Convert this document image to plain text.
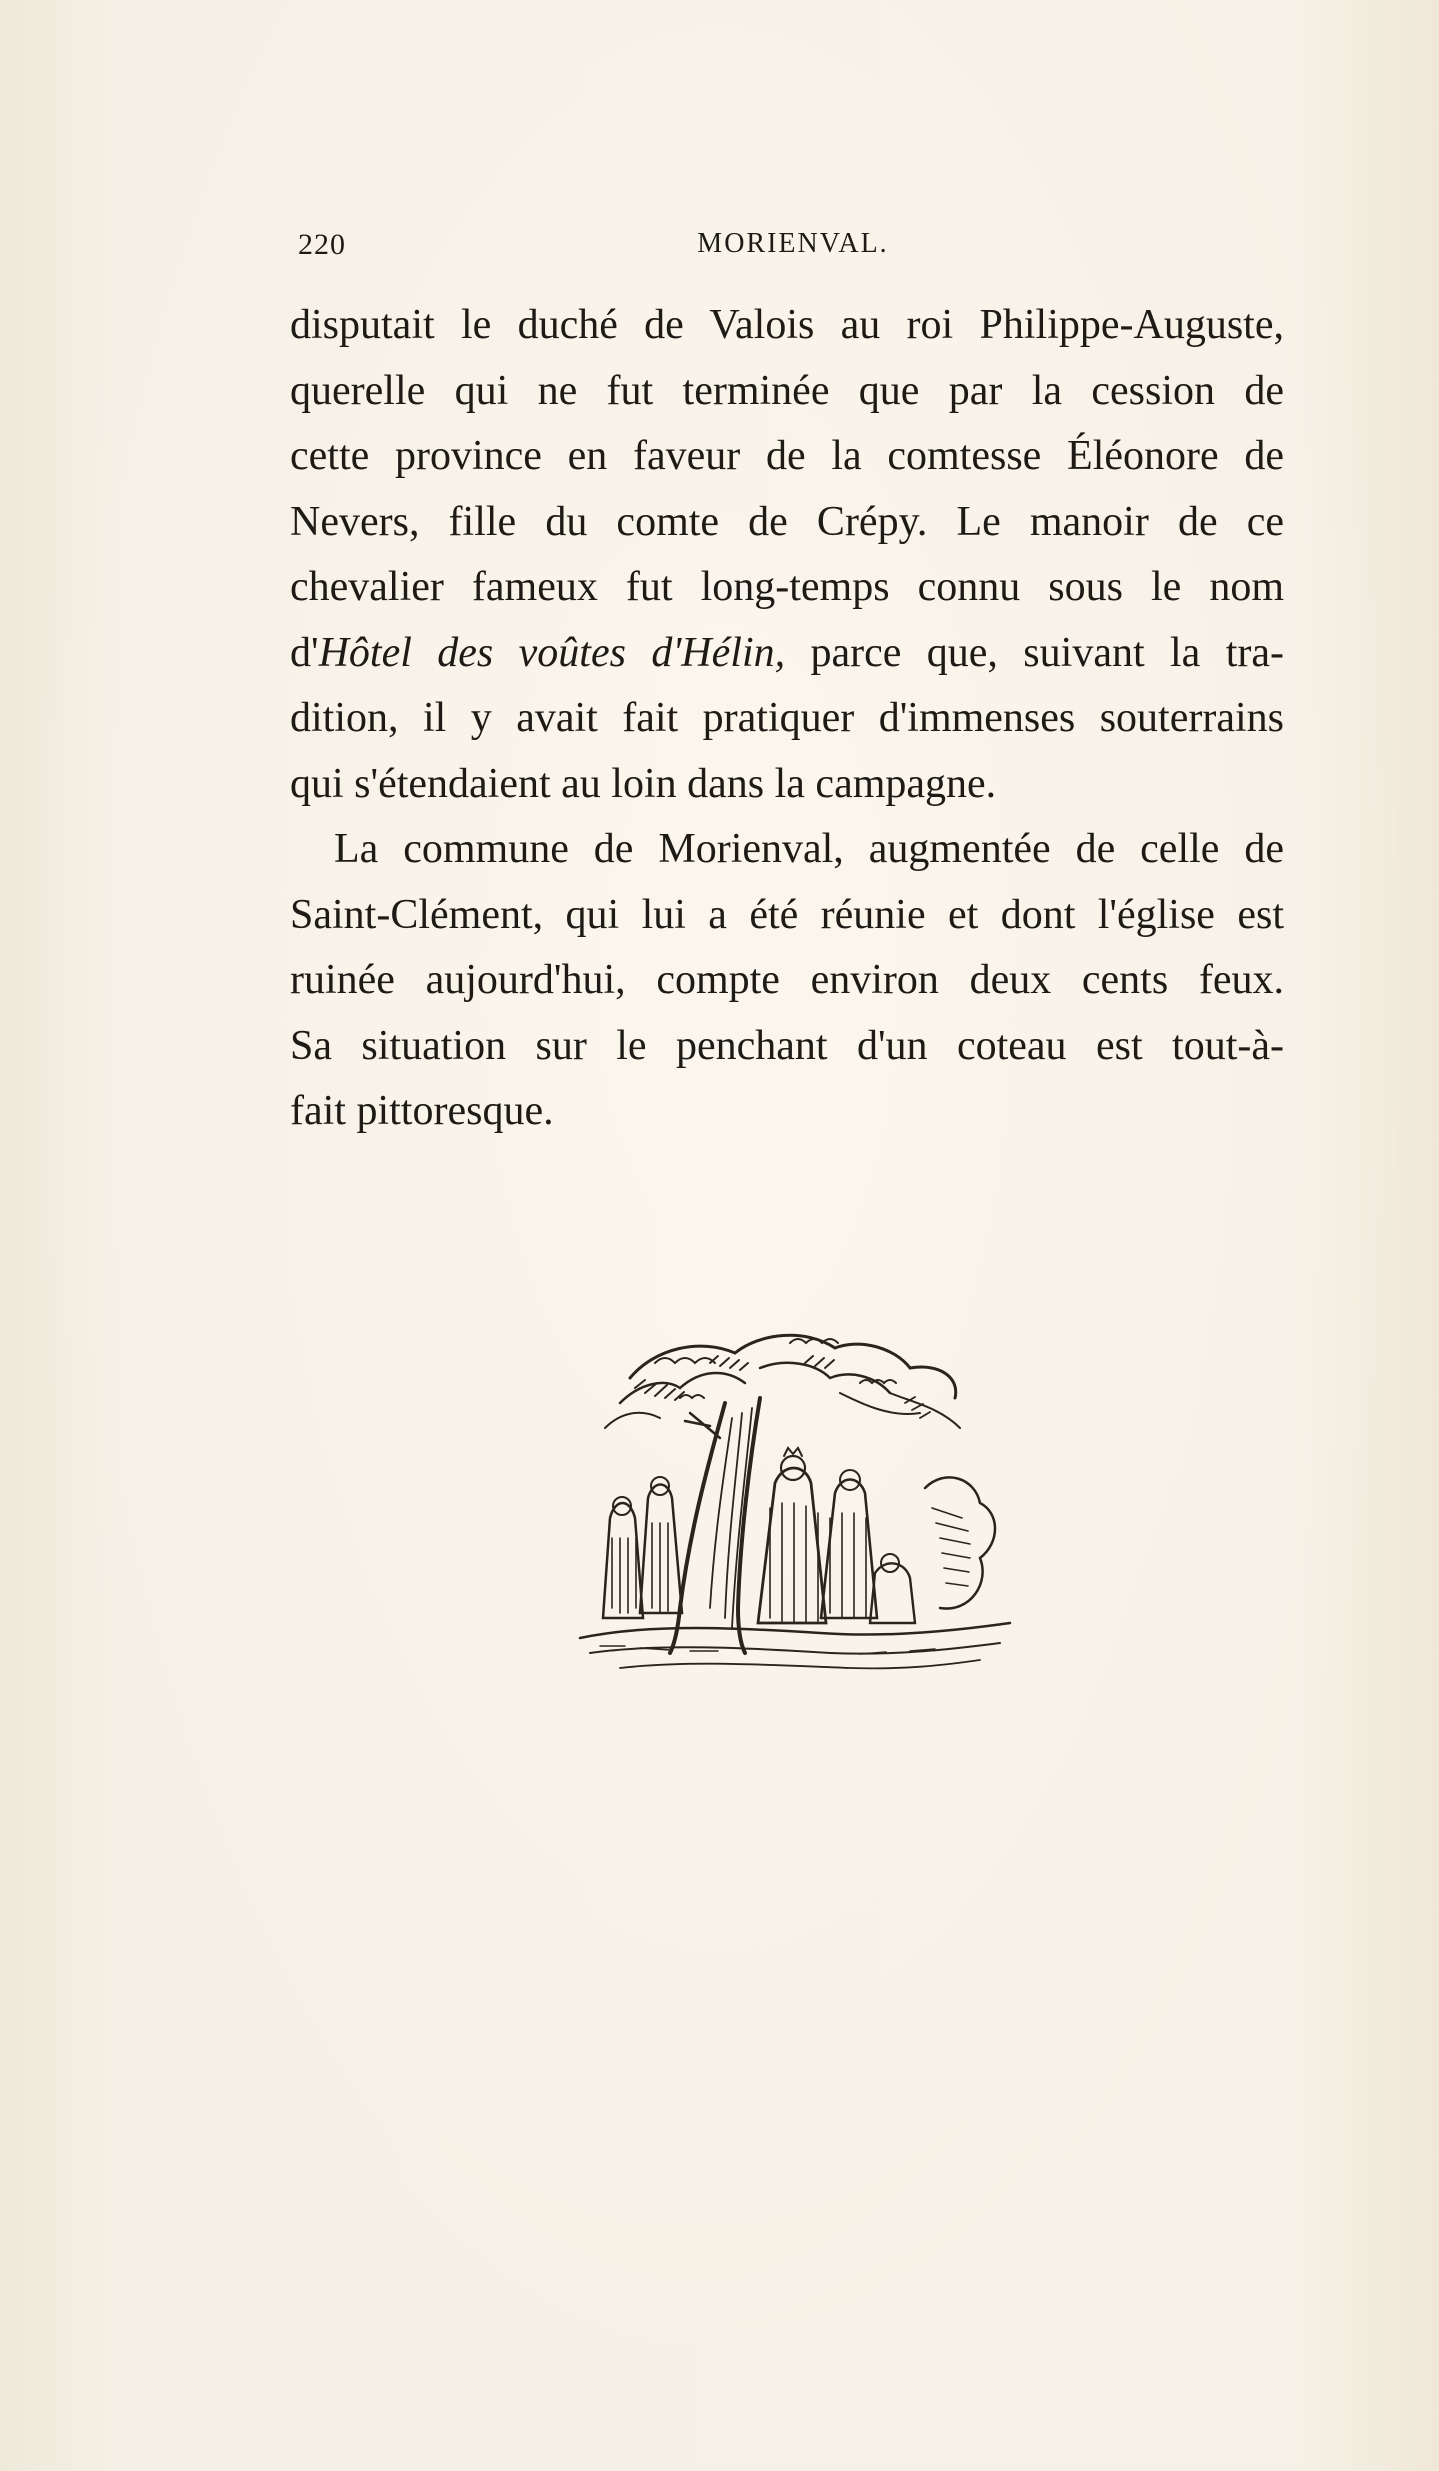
220	MORIENVAL.
disputait le duché de Valois au roi Philippe-Auguste,
querelle qui ne fut terminée que par la cession de
cette province en faveur de la comtesse Éléonore de
Nevers, fille du comte de Crépy. Le manoir de ce
chevalier fameux fut long-temps connu sous le nom
d'Hôtel des voûtes d'Hélin, parce que, suivant la tra-
dition, il y avait fait pratiquer d'immenses souterrains
qui s'étendaient au loin dans la campagne.
La commune de Morienval, augmentée de celle de
Saint-Clément, qui lui a été réunie et dont l'église est
ruinée aujourd'hui, compte environ deux cents feux.
Sa situation sur le penchant d'un coteau est tout-à-
fait pittoresque.
